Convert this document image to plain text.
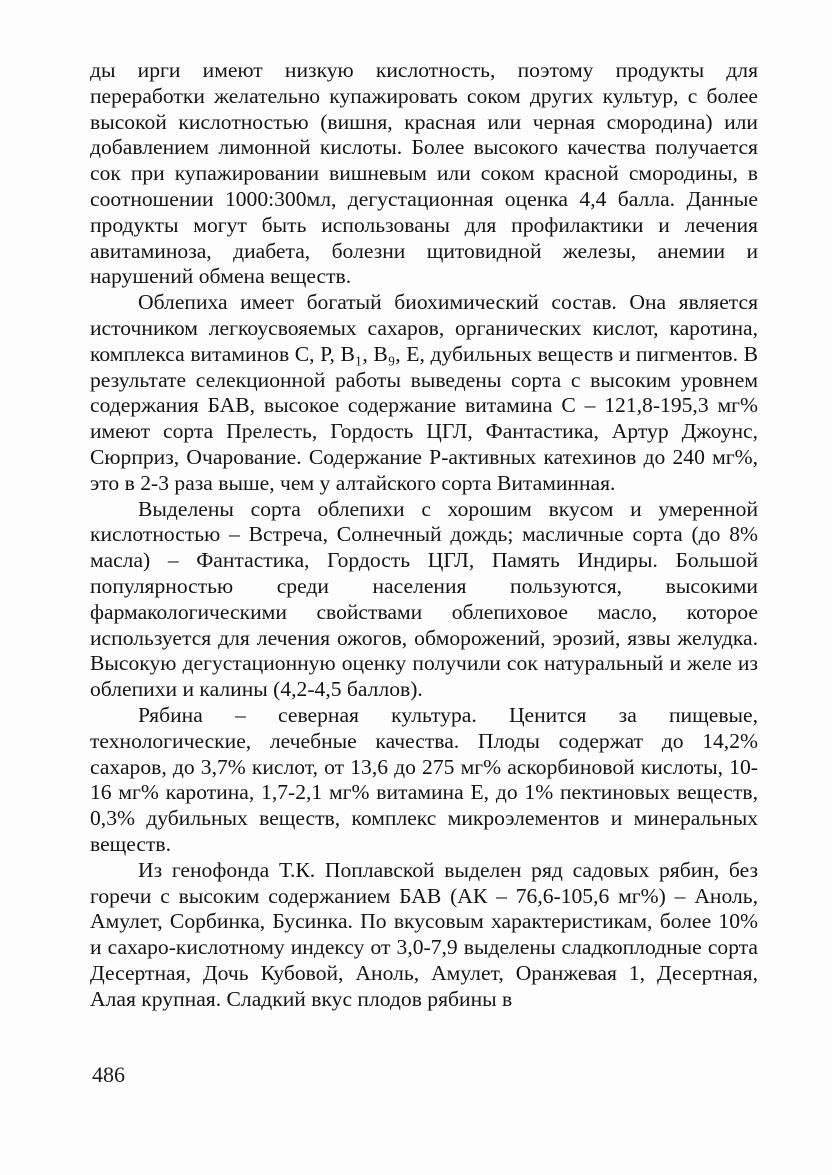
ды ирги имеют низкую кислотность, поэтому продукты для переработки желательно купажировать соком других культур, с более высокой кислотностью (вишня, красная или черная смородина) или добавлением лимонной кислоты. Более высокого качества получается сок при купажировании вишневым или соком красной смородины, в соотношении 1000:300мл, дегустационная оценка 4,4 балла. Данные продукты могут быть использованы для профилактики и лечения авитаминоза, диабета, болезни щитовидной железы, анемии и нарушений обмена веществ.

Облепиха имеет богатый биохимический состав. Она является источником легкоусвояемых сахаров, органических кислот, каротина, комплекса витаминов С, Р, В₁, В₉, Е, дубильных веществ и пигментов. В результате селекционной работы выведены сорта с высоким уровнем содержания БАВ, высокое содержание витамина С – 121,8-195,3 мг% имеют сорта Прелесть, Гордость ЦГЛ, Фантастика, Артур Джоунс, Сюрприз, Очарование. Содержание Р-активных катехинов до 240 мг%, это в 2-3 раза выше, чем у алтайского сорта Витаминная.

Выделены сорта облепихи с хорошим вкусом и умеренной кислотностью – Встреча, Солнечный дождь; масличные сорта (до 8% масла) – Фантастика, Гордость ЦГЛ, Память Индиры. Большой популярностью среди населения пользуются, высокими фармакологическими свойствами облепиховое масло, которое используется для лечения ожогов, обморожений, эрозий, язвы желудка. Высокую дегустационную оценку получили сок натуральный и желе из облепихи и калины (4,2-4,5 баллов).

Рябина – северная культура. Ценится за пищевые, технологические, лечебные качества. Плоды содержат до 14,2% сахаров, до 3,7% кислот, от 13,6 до 275 мг% аскорбиновой кислоты, 10-16 мг% каротина, 1,7-2,1 мг% витамина Е, до 1% пектиновых веществ, 0,3% дубильных веществ, комплекс микроэлементов и минеральных веществ.

Из генофонда Т.К. Поплавской выделен ряд садовых рябин, без горечи с высоким содержанием БАВ (АК – 76,6-105,6 мг%) – Аноль, Амулет, Сорбинка, Бусинка. По вкусовым характеристикам, более 10% и сахаро-кислотному индексу от 3,0-7,9 выделены сладкоплодные сорта Десертная, Дочь Кубовой, Аноль, Амулет, Оранжевая 1, Десертная, Алая крупная. Сладкий вкус плодов рябины в

486
